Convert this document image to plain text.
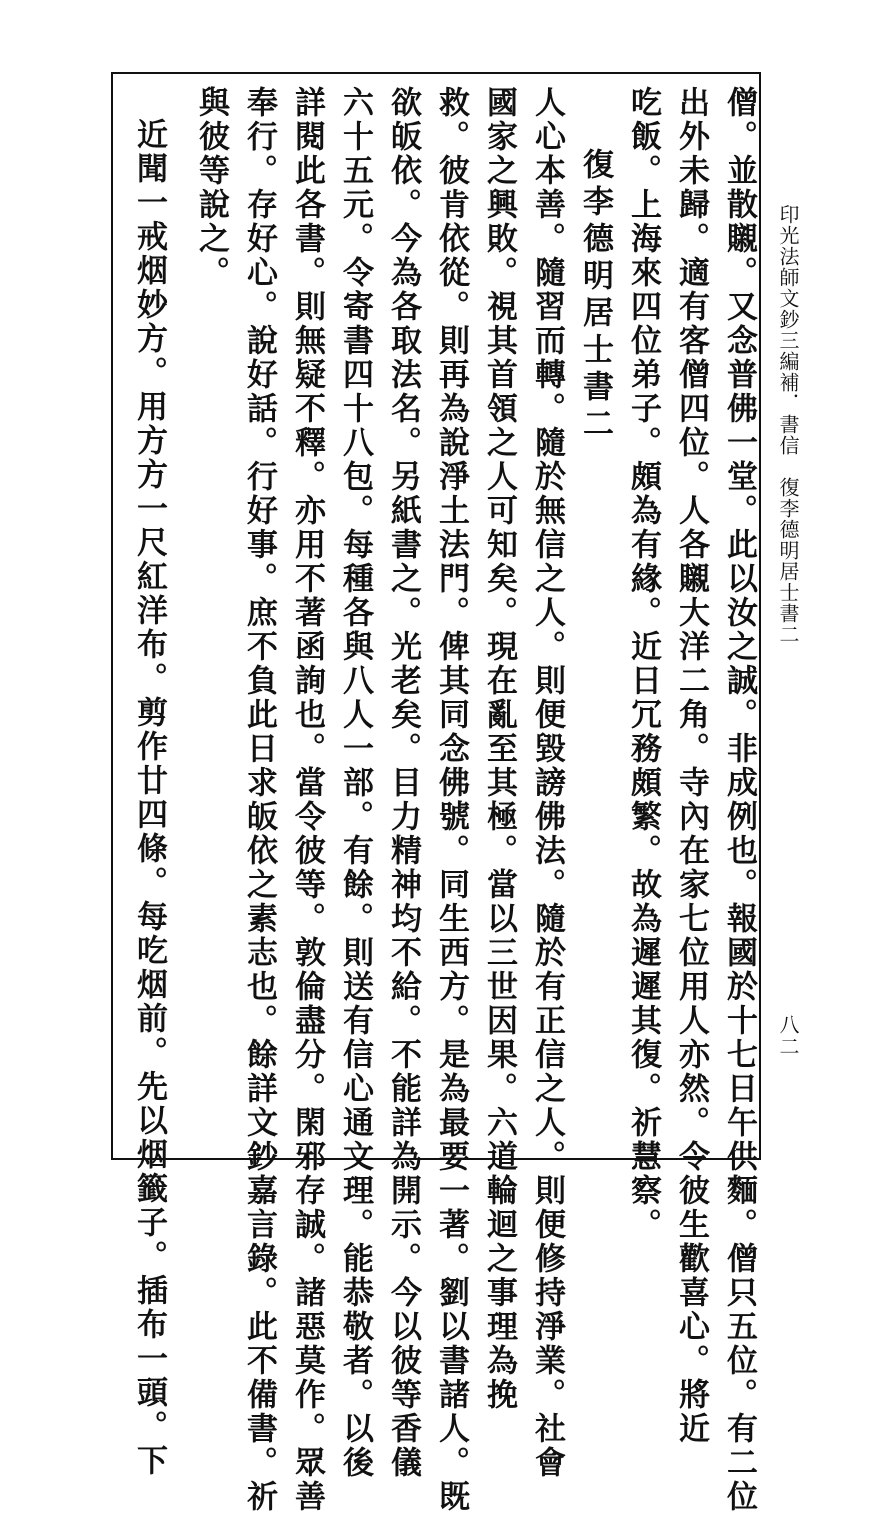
印光法師文鈔三編補．書信　復李德明居士書二
八二
僧。並散䞋。又念普佛一堂。此以汝之誠。非成例也。報國於十七日午供麵。僧只五位。有二位
出外未歸。適有客僧四位。人各䞋大洋二角。寺內在家七位用人亦然。令彼生歡喜心。將近
吃飯。上海來四位弟子。頗為有緣。近日冗務頗繁。故為遲遲其復。祈慧察。
復李德明居士書二
人心本善。隨習而轉。隨於無信之人。則便毀謗佛法。隨於有正信之人。則便修持淨業。社會
國家之興敗。視其首領之人可知矣。現在亂至其極。當以三世因果。六道輪迴之事理為挽
救。彼肯依從。則再為說淨土法門。俾其同念佛號。同生西方。是為最要一著。劉以書諸人。既
欲皈依。今為各取法名。另紙書之。光老矣。目力精神均不給。不能詳為開示。今以彼等香儀
六十五元。令寄書四十八包。每種各與八人一部。有餘。則送有信心通文理。能恭敬者。以後
詳閱此各書。則無疑不釋。亦用不著函詢也。當令彼等。敦倫盡分。閑邪存誠。諸惡莫作。眾善
奉行。存好心。說好話。行好事。庶不負此日求皈依之素志也。餘詳文鈔嘉言錄。此不備書。祈
與彼等說之。
近聞一戒烟妙方。用方方一尺紅洋布。剪作廿四條。每吃烟前。先以烟籤子。插布一頭。下
